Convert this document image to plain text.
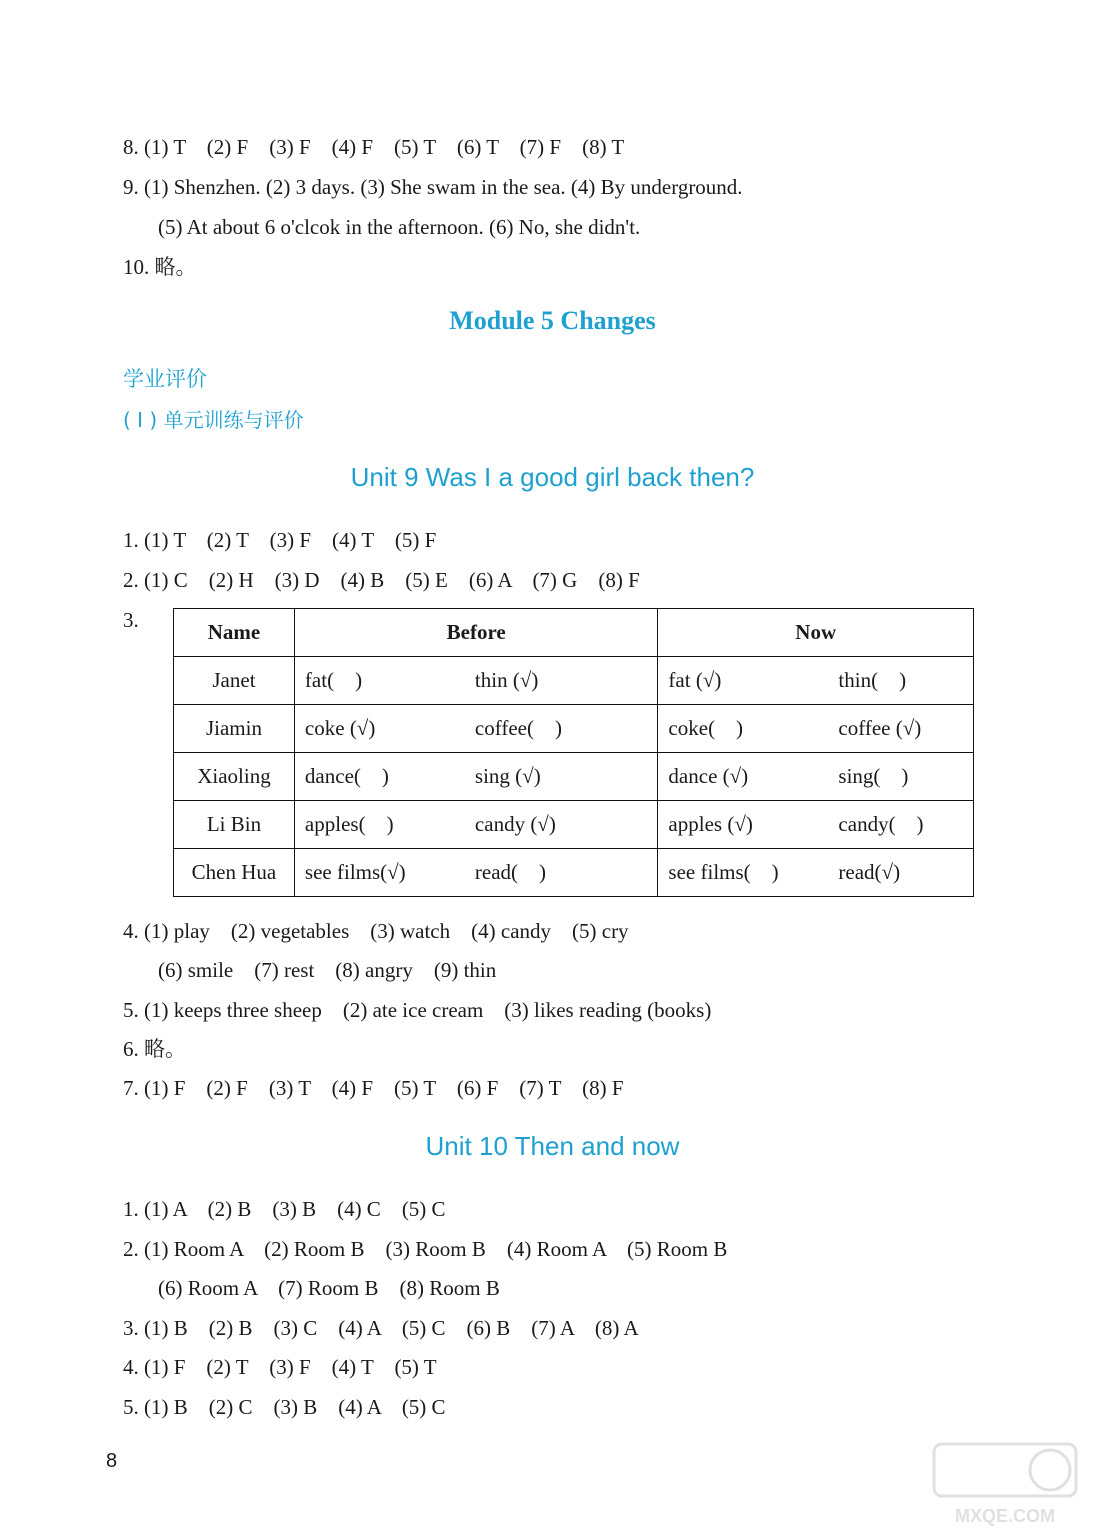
8. (1) T    (2) F    (3) F    (4) F    (5) T    (6) T    (7) F    (8) T
9. (1) Shenzhen. (2) 3 days. (3) She swam in the sea. (4) By underground.
(5) At about 6 o'clcok in the afternoon. (6) No, she didn't.
10. 略。
Module 5 Changes
学业评价
( Ⅰ ) 单元训练与评价
Unit 9 Was I a good girl back then?
1. (1) T    (2) T    (3) F    (4) T    (5) F
2. (1) C    (2) H    (3) D    (4) B    (5) E    (6) A    (7) G    (8) F
3.	Name	Before	Now
Janet	fat(    ) thin (√)	fat (√) thin(    )

Jiamin	coke (√) coffee(    )	coke(    ) coffee (√)

Xiaoling	dance(    ) sing (√)	dance (√) sing(    )

Li Bin	apples(    ) candy (√)	apples (√) candy(    )

Chen Hua	see films(√) read(    )	see films(    ) read(√)
4. (1) play    (2) vegetables    (3) watch    (4) candy    (5) cry
(6) smile    (7) rest    (8) angry    (9) thin
5. (1) keeps three sheep    (2) ate ice cream    (3) likes reading (books)
6. 略。
7. (1) F    (2) F    (3) T    (4) F    (5) T    (6) F    (7) T    (8) F
Unit 10 Then and now
1. (1) A    (2) B    (3) B    (4) C    (5) C
2. (1) Room A    (2) Room B    (3) Room B    (4) Room A    (5) Room B
(6) Room A    (7) Room B    (8) Room B
3. (1) B    (2) B    (3) C    (4) A    (5) C    (6) B    (7) A    (8) A
4. (1) F    (2) T    (3) F    (4) T    (5) T
5. (1) B    (2) C    (3) B    (4) A    (5) C
8
MXQE.COM
